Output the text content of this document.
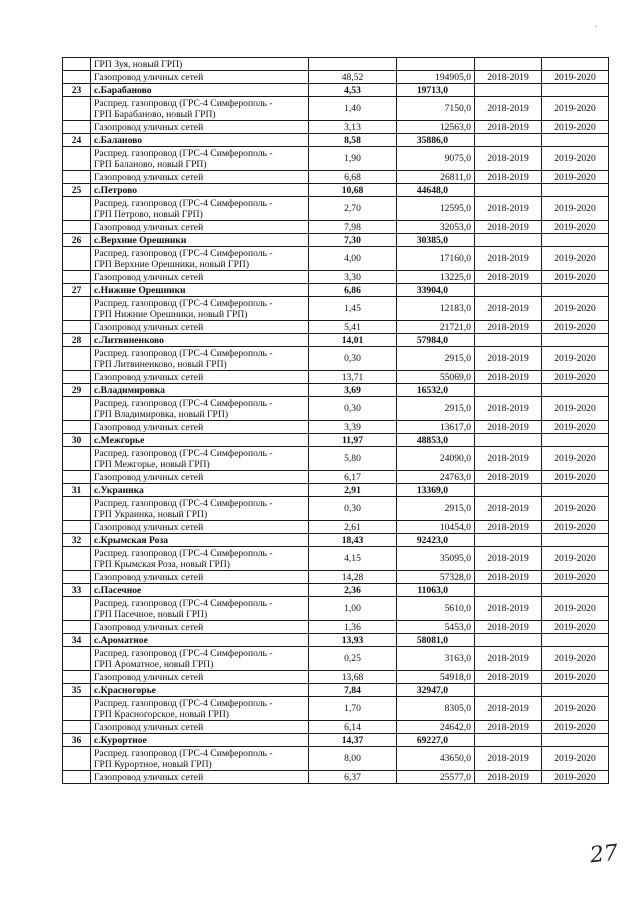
·
	ГРП Зуя, новый ГРП)				
	Газопровод уличных сетей	48,52	194905,0	2018-2019	2019-2020
23	с.Барабаново	4,53	19713,0		
	Распред. газопровод (ГРС-4 Симферополь -
ГРП Барабаново, новый ГРП)	1,40	7150,0	2018-2019	2019-2020
	Газопровод уличных сетей	3,13	12563,0	2018-2019	2019-2020
24	с.Баланово	8,58	35886,0		
	Распред. газопровод (ГРС-4 Симферополь -
ГРП Баланово, новый ГРП)	1,90	9075,0	2018-2019	2019-2020
	Газопровод уличных сетей	6,68	26811,0	2018-2019	2019-2020
25	с.Петрово	10,68	44648,0		
	Распред. газопровод (ГРС-4 Симферополь -
ГРП Петрово, новый ГРП)	2,70	12595,0	2018-2019	2019-2020
	Газопровод уличных сетей	7,98	32053,0	2018-2019	2019-2020
26	с.Верхние Орешники	7,30	30385,0		
	Распред. газопровод (ГРС-4 Симферополь -
ГРП Верхние Орешники, новый ГРП)	4,00	17160,0	2018-2019	2019-2020
	Газопровод уличных сетей	3,30	13225,0	2018-2019	2019-2020
27	с.Нижние Орешники	6,86	33904,0		
	Распред. газопровод (ГРС-4 Симферополь -
ГРП Нижние Орешники, новый ГРП)	1,45	12183,0	2018-2019	2019-2020
	Газопровод уличных сетей	5,41	21721,0	2018-2019	2019-2020
28	с.Литвиненково	14,01	57984,0		
	Распред. газопровод (ГРС-4 Симферополь -
ГРП Литвиненково, новый ГРП)	0,30	2915,0	2018-2019	2019-2020
	Газопровод уличных сетей	13,71	55069,0	2018-2019	2019-2020
29	с.Владимировка	3,69	16532,0		
	Распред. газопровод (ГРС-4 Симферополь -
ГРП Владимировка, новый ГРП)	0,30	2915,0	2018-2019	2019-2020
	Газопровод уличных сетей	3,39	13617,0	2018-2019	2019-2020
30	с.Межгорье	11,97	48853,0		
	Распред. газопровод (ГРС-4 Симферополь -
ГРП Межгорье, новый ГРП)	5,80	24090,0	2018-2019	2019-2020
	Газопровод уличных сетей	6,17	24763,0	2018-2019	2019-2020
31	с.Украинка	2,91	13369,0		
	Распред. газопровод (ГРС-4 Симферополь -
ГРП Украинка, новый ГРП)	0,30	2915,0	2018-2019	2019-2020
	Газопровод уличных сетей	2,61	10454,0	2018-2019	2019-2020
32	с.Крымская Роза	18,43	92423,0		
	Распред. газопровод (ГРС-4 Симферополь -
ГРП Крымская Роза, новый ГРП)	4,15	35095,0	2018-2019	2019-2020
	Газопровод уличных сетей	14,28	57328,0	2018-2019	2019-2020
33	с.Пасечное	2,36	11063,0		
	Распред. газопровод (ГРС-4 Симферополь -
ГРП Пасечное, новый ГРП)	1,00	5610,0	2018-2019	2019-2020
	Газопровод уличных сетей	1,36	5453,0	2018-2019	2019-2020
34	с.Ароматное	13,93	58081,0		
	Распред. газопровод (ГРС-4 Симферополь -
ГРП Ароматное, новый ГРП)	0,25	3163,0	2018-2019	2019-2020
	Газопровод уличных сетей	13,68	54918,0	2018-2019	2019-2020
35	с.Красногорье	7,84	32947,0		
	Распред. газопровод (ГРС-4 Симферополь -
ГРП Красногорское, новый ГРП)	1,70	8305,0	2018-2019	2019-2020
	Газопровод уличных сетей	6,14	24642,0	2018-2019	2019-2020
36	с.Курортное	14,37	69227,0		
	Распред. газопровод (ГРС-4 Симферополь -
ГРП Курортное, новый ГРП)	8,00	43650,0	2018-2019	2019-2020
	Газопровод уличных сетей	6,37	25577,0	2018-2019	2019-2020
27
